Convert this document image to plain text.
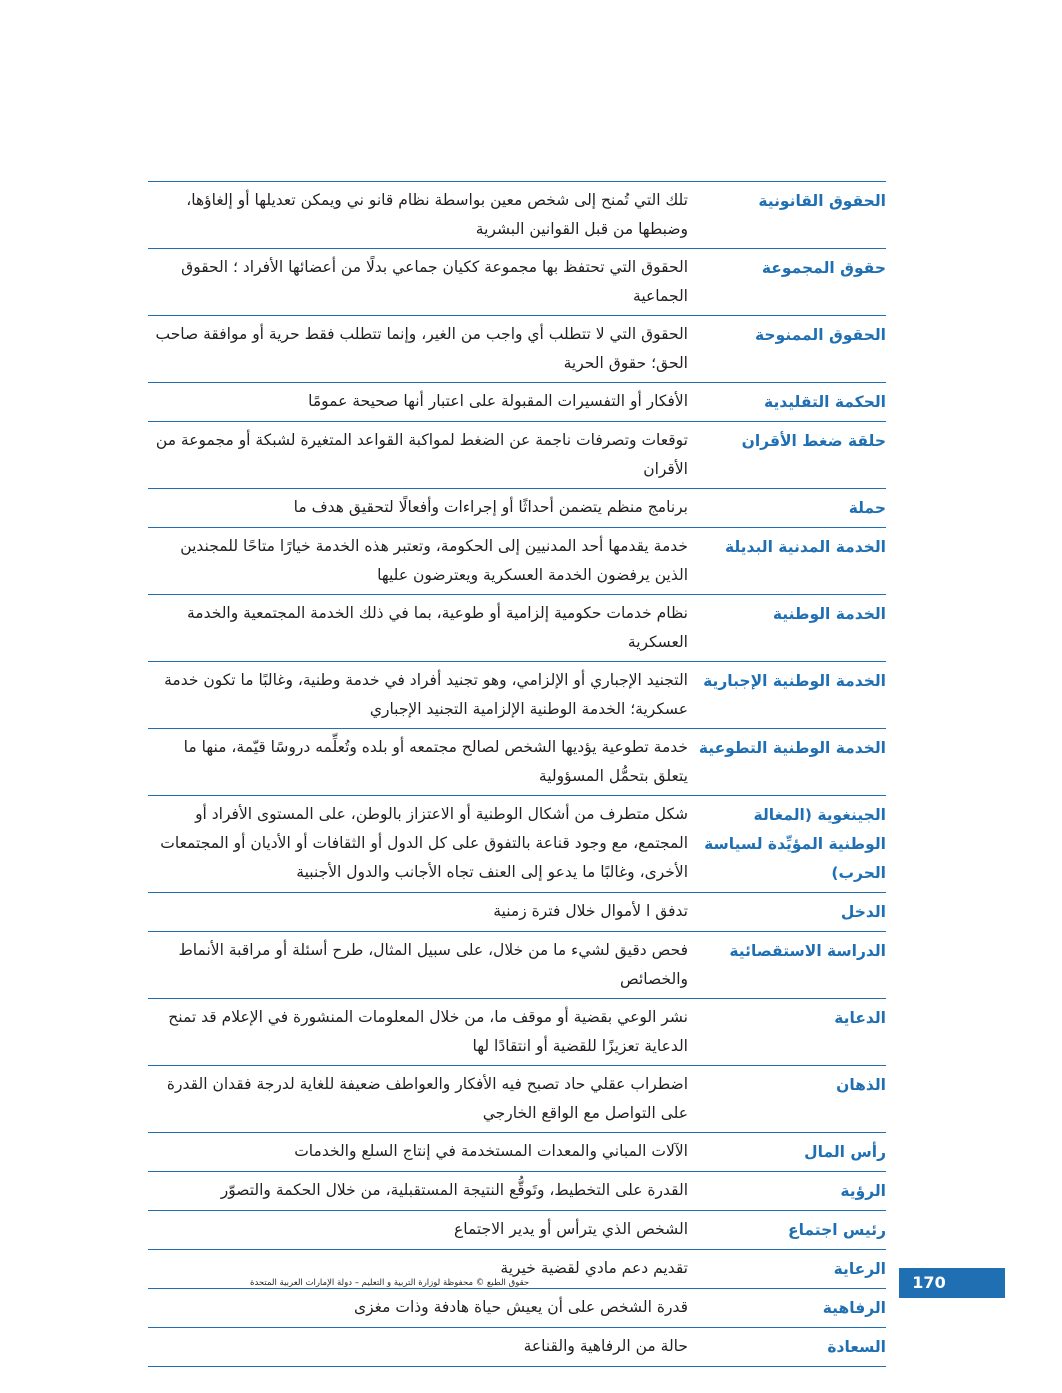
الحقوق القانونية
تلك التي تُمنح إلى شخص معين بواسطة نظام قانو ني ويمكن تعديلها أو إلغاؤها، وضبطها من قبل القوانين البشرية
حقوق المجموعة
الحقوق التي تحتفظ بها مجموعة ككيان جماعي بدلًا من أعضائها الأفراد ؛ الحقوق الجماعية
الحقوق الممنوحة
الحقوق التي لا تتطلب أي واجب من الغير، وإنما تتطلب فقط حرية أو موافقة صاحب الحق؛ حقوق الحرية
الحكمة التقليدية
الأفكار أو التفسيرات المقبولة على اعتبار أنها صحيحة عمومًا
حلقة ضغط الأقران
توقعات وتصرفات ناجمة عن الضغط لمواكبة القواعد المتغيرة لشبكة أو مجموعة من الأقران
حملة
برنامج منظم يتضمن أحداثًا أو إجراءات وأفعالًا لتحقيق هدف ما
الخدمة المدنية البديلة
خدمة يقدمها أحد المدنيين إلى الحكومة، وتعتبر هذه الخدمة خيارًا متاحًا للمجندين الذين يرفضون الخدمة العسكرية ويعترضون عليها
الخدمة الوطنية
نظام خدمات حكومية إلزامية أو طوعية، بما في ذلك الخدمة المجتمعية والخدمة العسكرية
الخدمة الوطنية الإجبارية
التجنيد الإجباري أو الإلزامي، وهو تجنيد أفراد في خدمة وطنية، وغالبًا ما تكون خدمة عسكرية؛ الخدمة الوطنية الإلزامية التجنيد الإجباري
الخدمة الوطنية التطوعية
خدمة تطوعية يؤديها الشخص لصالح مجتمعه أو بلده وتُعلِّمه دروسًا قيّمة، منها ما يتعلق بتحمُّل المسؤولية
الجينغوية (المغالة الوطنية المؤيِّدة لسياسة الحرب)
شكل متطرف من أشكال الوطنية أو الاعتزاز بالوطن، على المستوى الأفراد أو المجتمع، مع وجود قناعة بالتفوق على كل الدول أو الثقافات أو الأديان أو المجتمعات الأخرى، وغالبًا ما يدعو إلى العنف تجاه الأجانب والدول الأجنبية
الدخل
تدفق ا لأموال خلال فترة زمنية
الدراسة الاستقصائية
فحص دقيق لشيء ما من خلال، على سبيل المثال، طرح أسئلة أو مراقبة الأنماط والخصائص
الدعاية
نشر الوعي بقضية أو موقف ما، من خلال المعلومات المنشورة في الإعلام قد تمنح الدعاية تعزيزًا للقضية أو انتقادًا لها
الذهان
اضطراب عقلي حاد تصبح فيه الأفكار والعواطف ضعيفة للغاية لدرجة فقدان القدرة على التواصل مع الواقع الخارجي
رأس المال
الآلات المباني والمعدات المستخدمة في إنتاج السلع والخدمات
الرؤية
القدرة على التخطيط، وتَوقُّع النتيجة المستقبلية، من خلال الحكمة والتصوّر
رئيس اجتماع
الشخص الذي يترأس أو يدير الاجتماع
الرعاية
تقديم دعم مادي لقضية خيرية
الرفاهية
قدرة الشخص على أن يعيش حياة هادفة وذات مغزى
السعادة
حالة من الرفاهية والقناعة
170
حقوق الطبع © محفوظة لوزارة التربية و التعليم – دولة الإمارات العربية المتحدة
